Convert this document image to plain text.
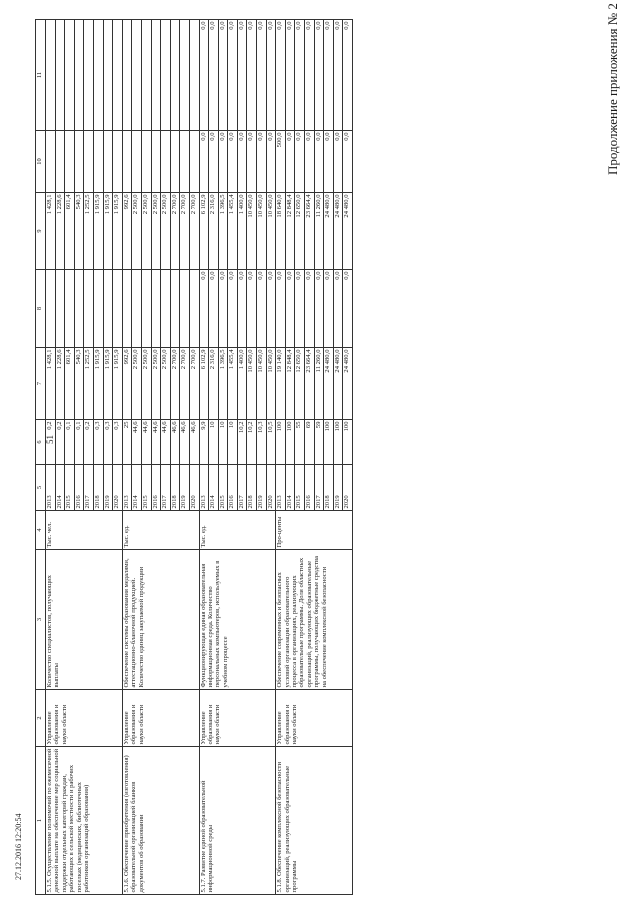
Продолжение приложения № 2
51
27.12.2016 12:20:54 1	2	3	4	5	6	7	8	9	10	11
5.1.5. Осуществление полномочий по ежемесячной денежной выплате на обеспечение мер социальной поддержки отдельных категорий граждан, работающих в сельской местности и рабочих поселках (медицинских, библиотечных работников организаций образования)	Управление образования и науки области	Количество специалистов, получающих выплаты	Тыс. чел.	2013	0,2	1 428,1		1 428,1		
				2014	0,2	1 228,6		1 228,6		
				2015	0,1	601,4		601,4		
				2016	0,1	540,3		540,3		
				2017	0,2	1 252,5		1 252,5		
				2018	0,3	1 915,9		1 915,9		
				2019	0,3	1 915,9		1 915,9		
				2020	0,3	1 915,9		1 915,9		
5.1.6. Обеспечение приобретения (изготовления) образовательной организацией бланков документов об образовании	Управление образования и науки области	Обеспечение системы образования медалями, аттестационно-бланочной продукцией. Количество единиц закупаемой продукции	Тыс. ед.	2013	25	992,6		992,6		
				2014	44,6	2 500,0		2 500,0		
				2015	44,6	2 500,0		2 500,0		
				2016	44,6	2 500,0		2 500,0		
				2017	44,6	2 500,0		2 500,0		
				2018	46,6	2 700,0		2 700,0		
				2019	46,6	2 700,0		2 700,0		
				2020	46,6	2 700,0		2 700,0		
5.1.7. Развитие единой образовательной информационной среды	Управление образования и науки области	Функционирующая единая образовательная информационная среда. Количество персональных компьютеров, используемых в учебном процессе	Тыс. ед.	2013	9,9	6 102,9	0,0	6 102,9	0,0	0,0
				2014	10	2 316,0	0,0	2 316,0	0,0	0,0
				2015	10	1 396,5	0,0	1 396,5	0,0	0,0
				2016	10	1 455,4	0,0	1 455,4	0,0	0,0
				2017	10,2	1 400,0	0,0	1 400,0	0,0	0,0
				2018	10,2	10 450,0	0,0	10 450,0	0,0	0,0
				2019	10,3	10 450,0	0,0	10 450,0	0,0	0,0
				2020	10,5	10 450,0	0,0	10 450,0	0,0	0,0
5.1.8. Обеспечение комплексной безопасности организаций, реализующих образовательные программы	Управление образования и науки области	Обеспечение современных и безопасных условий организации образовательного процесса в организациях, реализующих образовательные программы. Доля областных организаций, реализующих образовательные программы, получающих бюджетные средства на обеспечение комплексной безопасности	Про-центы	2013	100	19 140,0	0,0	18 640,0	500,0	0,0
				2014	100	12 848,4	0,0	12 848,4	0,0	0,0
				2015	55	12 650,0	0,0	12 650,0	0,0	0,0
				2016	69	23 664,4	0,0	23 664,4	0,0	0,0
				2017	59	11 260,0	0,0	11 260,0	0,0	0,0
				2018	100	24 480,0	0,0	24 480,0	0,0	0,0
				2019	100	24 480,0	0,0	24 480,0	0,0	0,0
				2020	100	24 480,0	0,0	24 480,0	0,0	0,0
